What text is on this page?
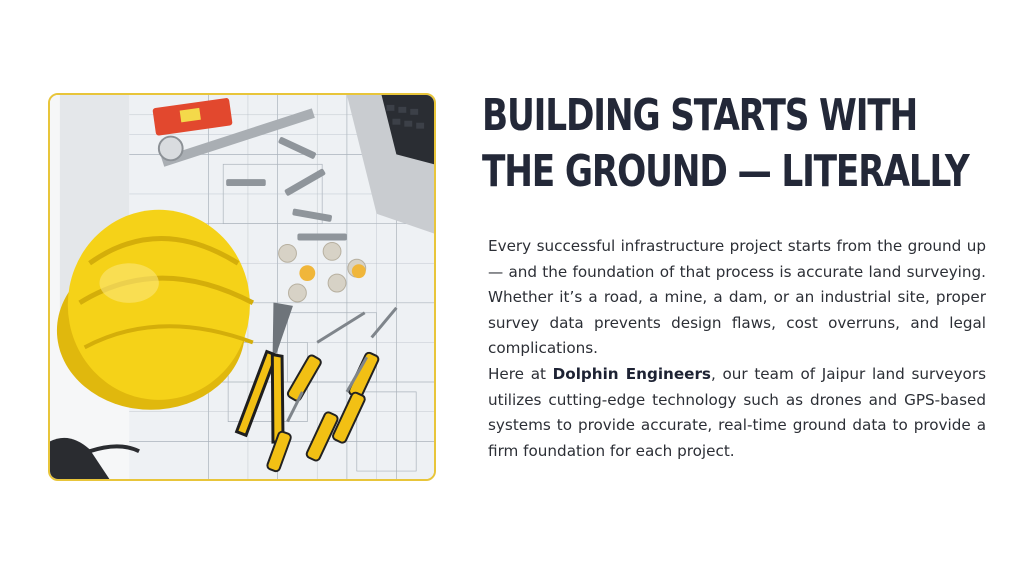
BUILDING STARTS WITH
THE GROUND — LITERALLY

Every successful infrastructure project starts from the ground up — and the foundation of that process is accurate land surveying. Whether it’s a road, a mine, a dam, or an industrial site, proper survey data prevents design flaws, cost overruns, and legal complications.

Here at Dolphin Engineers, our team of Jaipur land surveyors utilizes cutting-edge technology such as drones and GPS-based systems to provide accurate, real-time ground data to provide a firm foundation for each project.
